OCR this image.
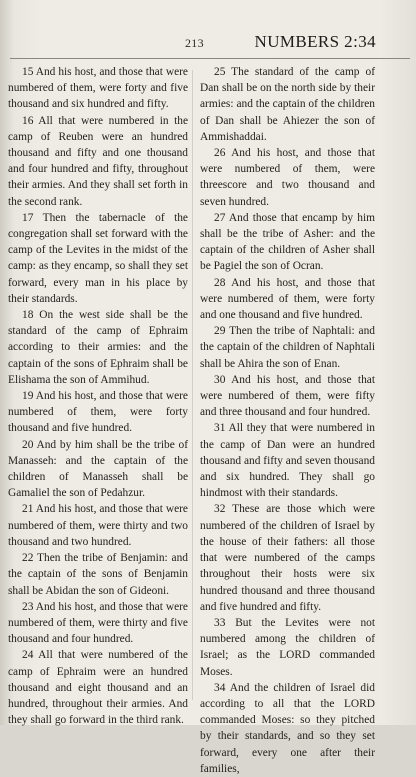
213	NUMBERS 2:34

15 And his host, and those that were numbered of them, were forty and five thousand and six hundred and fifty.

16 All that were numbered in the camp of Reuben were an hundred thousand and fifty and one thousand and four hundred and fifty, throughout their armies. And they shall set forth in the second rank.

17 Then the tabernacle of the congregation shall set forward with the camp of the Levites in the midst of the camp: as they encamp, so shall they set forward, every man in his place by their standards.

18 On the west side shall be the standard of the camp of Ephraim according to their armies: and the captain of the sons of Ephraim shall be Elishama the son of Ammihud.

19 And his host, and those that were numbered of them, were forty thousand and five hundred.

20 And by him shall be the tribe of Manasseh: and the captain of the children of Manasseh shall be Gamaliel the son of Pedahzur.

21 And his host, and those that were numbered of them, were thirty and two thousand and two hundred.

22 Then the tribe of Benjamin: and the captain of the sons of Benjamin shall be Abidan the son of Gideoni.

23 And his host, and those that were numbered of them, were thirty and five thousand and four hundred.

24 All that were numbered of the camp of Ephraim were an hundred thousand and eight thousand and an hundred, throughout their armies. And they shall go forward in the third rank.

25 The standard of the camp of Dan shall be on the north side by their armies: and the captain of the children of Dan shall be Ahiezer the son of Ammishaddai.

26 And his host, and those that were numbered of them, were threescore and two thousand and seven hundred.

27 And those that encamp by him shall be the tribe of Asher: and the captain of the children of Asher shall be Pagiel the son of Ocran.

28 And his host, and those that were numbered of them, were forty and one thousand and five hundred.

29 Then the tribe of Naphtali: and the captain of the children of Naphtali shall be Ahira the son of Enan.

30 And his host, and those that were numbered of them, were fifty and three thousand and four hundred.

31 All they that were numbered in the camp of Dan were an hundred thousand and fifty and seven thousand and six hundred. They shall go hindmost with their standards.

32 These are those which were numbered of the children of Israel by the house of their fathers: all those that were numbered of the camps throughout their hosts were six hundred thousand and three thousand and five hundred and fifty.

33 But the Levites were not numbered among the children of Israel; as the LORD commanded Moses.

34 And the children of Israel did according to all that the LORD commanded Moses: so they pitched by their standards, and so they set forward, every one after their families,
